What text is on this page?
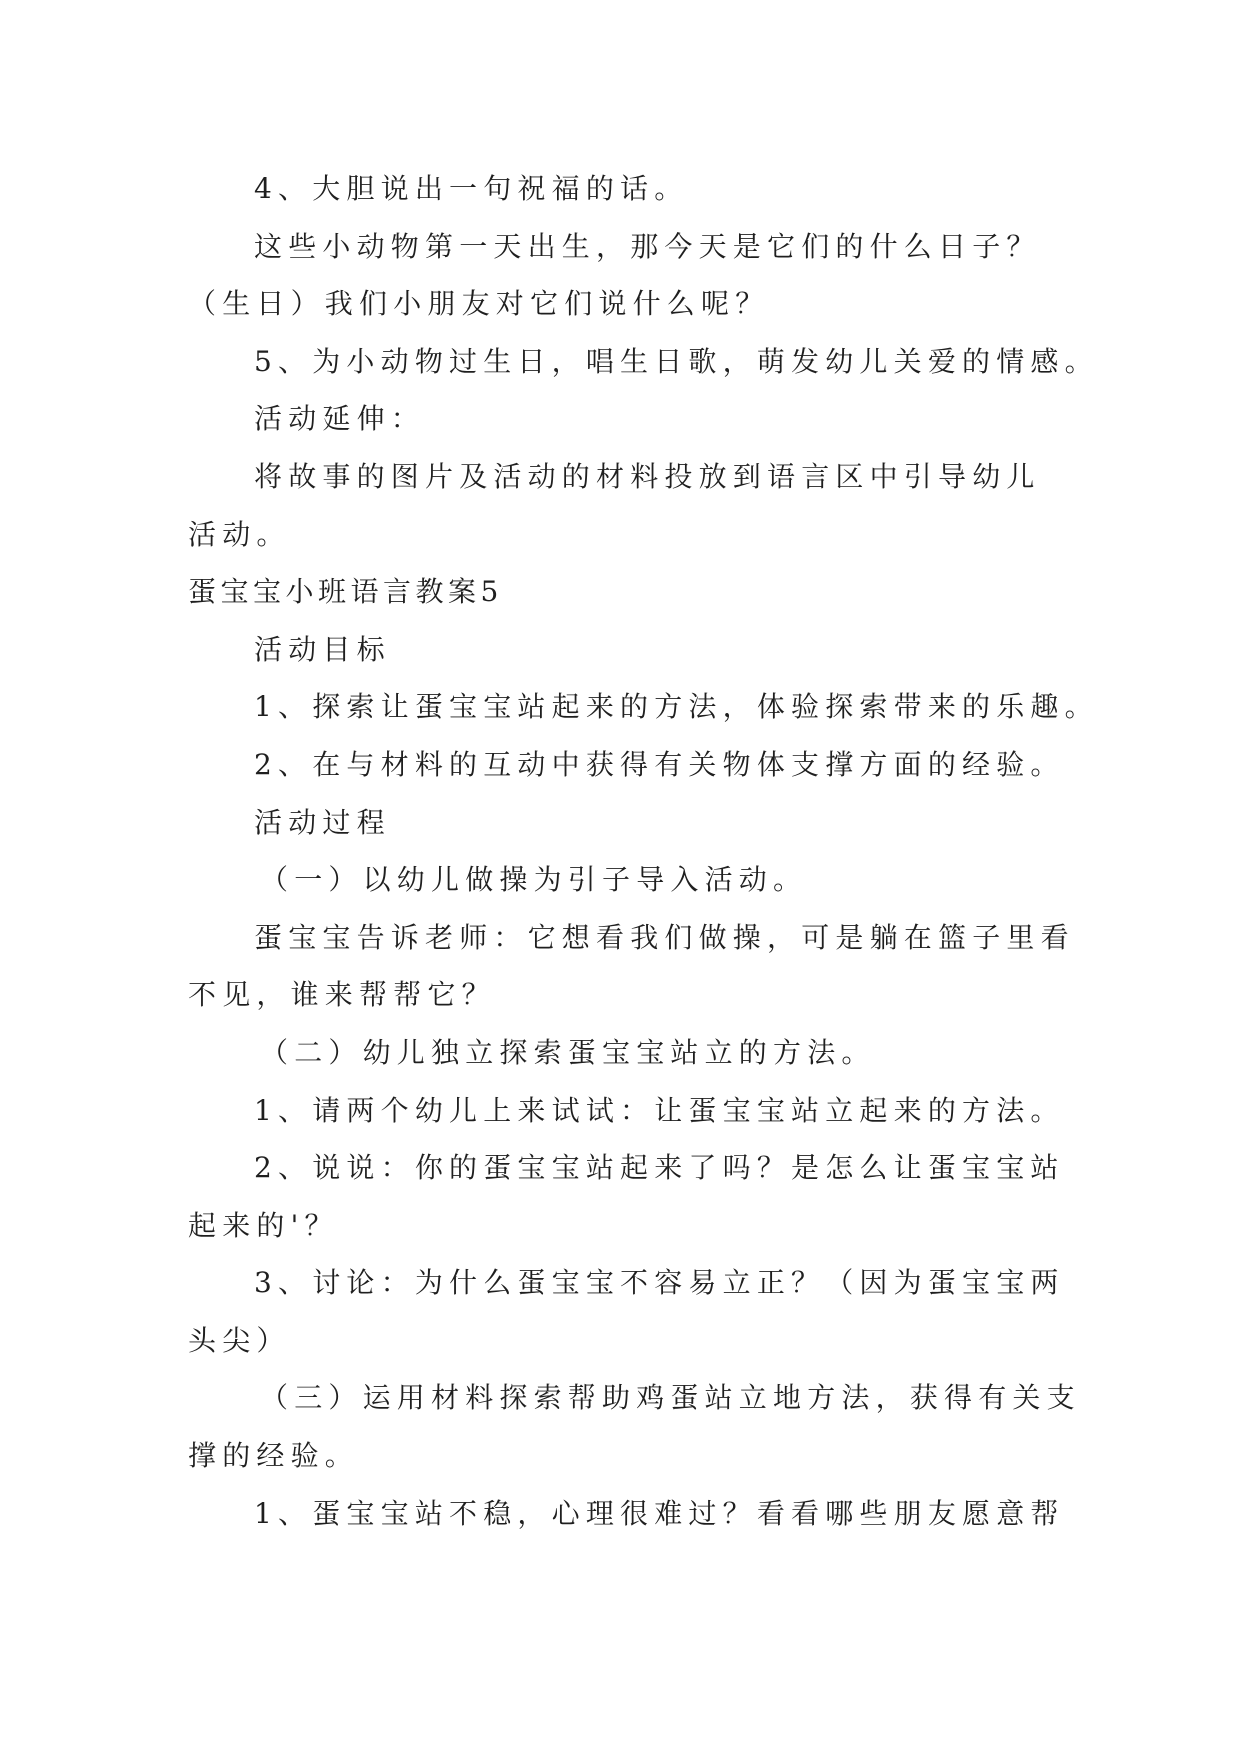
4、大胆说出一句祝福的话。

这些小动物第一天出生，那今天是它们的什么日子？

（生日）我们小朋友对它们说什么呢？

5、为小动物过生日，唱生日歌，萌发幼儿关爱的情感。

活动延伸：

将故事的图片及活动的材料投放到语言区中引导幼儿

活动。

蛋宝宝小班语言教案5

活动目标

1、探索让蛋宝宝站起来的方法，体验探索带来的乐趣。

2、在与材料的互动中获得有关物体支撑方面的经验。

活动过程

（一）以幼儿做操为引子导入活动。

蛋宝宝告诉老师：它想看我们做操，可是躺在篮子里看

不见，谁来帮帮它？

（二）幼儿独立探索蛋宝宝站立的方法。

1、请两个幼儿上来试试：让蛋宝宝站立起来的方法。

2、说说：你的蛋宝宝站起来了吗？是怎么让蛋宝宝站

起来的'？

3、讨论：为什么蛋宝宝不容易立正？（因为蛋宝宝两

头尖）

（三）运用材料探索帮助鸡蛋站立地方法，获得有关支

撑的经验。

1、蛋宝宝站不稳，心理很难过？看看哪些朋友愿意帮
